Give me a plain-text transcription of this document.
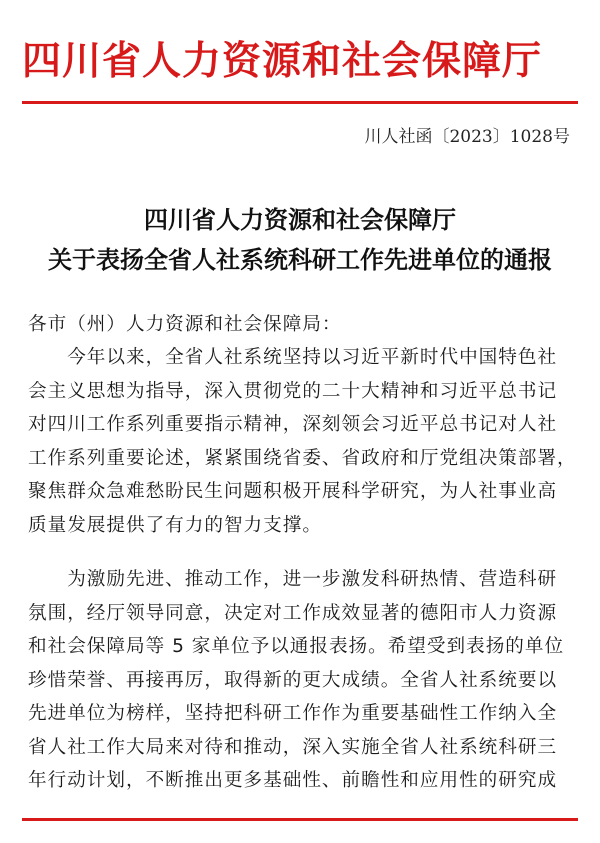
四川省人力资源和社会保障厅
川人社函〔2023〕1028号
四川省人力资源和社会保障厅
关于表扬全省人社系统科研工作先进单位的通报
各市（州）人力资源和社会保障局：
　　今年以来，全省人社系统坚持以习近平新时代中国特色社
会主义思想为指导，深入贯彻党的二十大精神和习近平总书记
对四川工作系列重要指示精神，深刻领会习近平总书记对人社
工作系列重要论述，紧紧围绕省委、省政府和厅党组决策部署，
聚焦群众急难愁盼民生问题积极开展科学研究，为人社事业高
质量发展提供了有力的智力支撑。
　　为激励先进、推动工作，进一步激发科研热情、营造科研
氛围，经厅领导同意，决定对工作成效显著的德阳市人力资源
和社会保障局等 5 家单位予以通报表扬。希望受到表扬的单位
珍惜荣誉、再接再厉，取得新的更大成绩。全省人社系统要以
先进单位为榜样，坚持把科研工作作为重要基础性工作纳入全
省人社工作大局来对待和推动，深入实施全省人社系统科研三
年行动计划，不断推出更多基础性、前瞻性和应用性的研究成
